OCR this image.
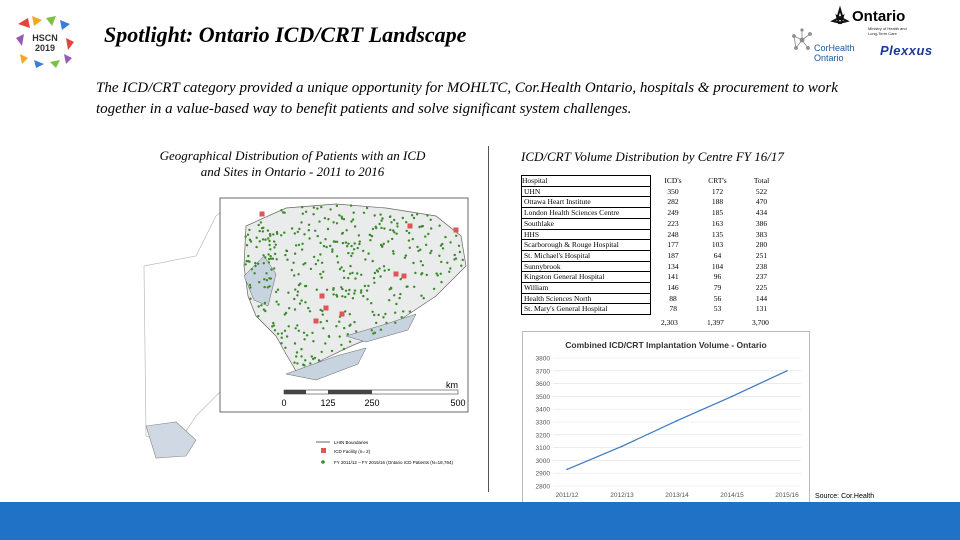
HSCN
2019
Spotlight: Ontario ICD/CRT Landscape
Ontario
Ministry of Health and Long-Term Care
CorHealth
Ontario	Plexxus
The ICD/CRT category provided a unique opportunity for MOHLTC, Cor.Health Ontario, hospitals & procurement to work together in a value-based way to benefit patients and solve significant system challenges.
Geographical Distribution of Patients with an ICD
and Sites in Ontario - 2011 to 2016
km
0	125	250	500
LHIN Boundaries
ICD Facility (n= 2)
FY 2011/12 – FY 2015/16 (Ontario ICD Patients (N=18,764)
ICD/CRT Volume Distribution by Centre FY 16/17
Hospital	ICD's	CRT's	Total
UHN	350	172	522
Ottawa Heart Institute	282	188	470
London Health Sciences Centre	249	185	434
Southlake	223	163	386
HHS	248	135	383
Scarborough & Rouge Hospital	177	103	280
St. Michael's Hospital	187	64	251
Sunnybrook	134	104	238
Kingston General Hospital	141	96	237
William	146	79	225
Health Sciences North	88	56	144
St. Mary's General Hospital	78	53	131
2,303	1,397	3,700
Combined ICD/CRT Implantation Volume - Ontario
2800
2900
3000
3100
3200
3300
3400
3500
3600
3700
3800
2011/12	2012/13	2013/14	2014/15	2015/16 Source: Cor.Health
